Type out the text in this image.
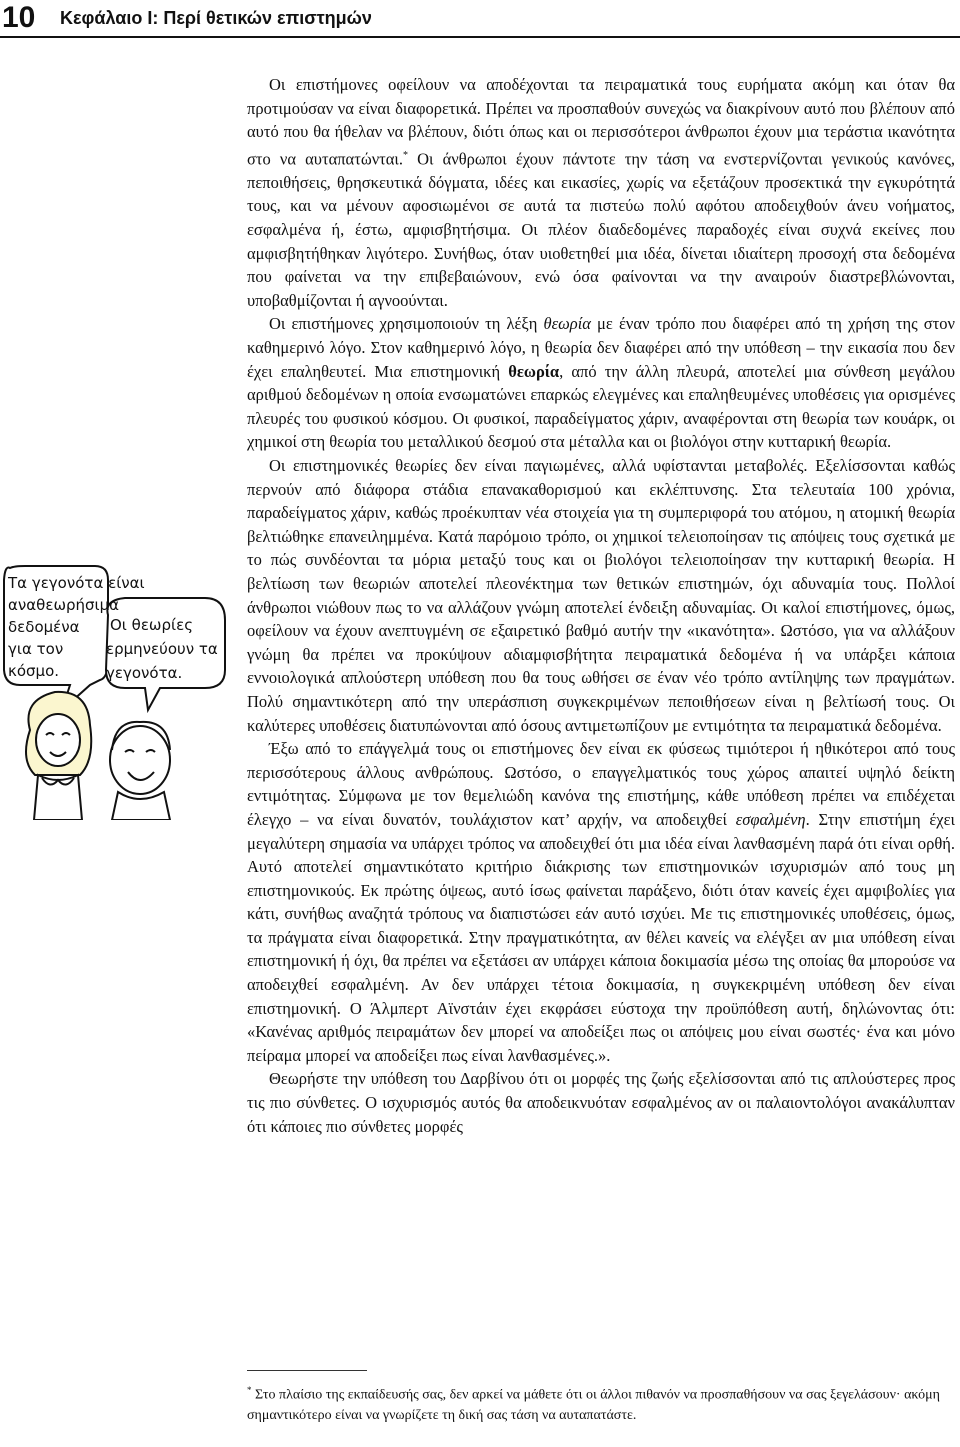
10 Κεφάλαιο Ι: Περί θετικών επιστημών
Τα γεγονότα είναι αναθεωρήσιμα δεδομένα για τον κόσμο.
Οι θεωρίες ερμηνεύουν τα γεγονότα.

Οι επιστήμονες οφείλουν να αποδέχονται τα πειραματικά τους ευρήματα ακόμη και όταν θα προτιμούσαν να είναι διαφορετικά. Πρέπει να προσπαθούν συνεχώς να διακρίνουν αυτό που βλέπουν από αυτό που θα ήθελαν να βλέπουν, διότι όπως και οι περισσότεροι άνθρωποι έχουν μια τεράστια ικανότητα στο να αυταπατώνται.* Οι άνθρωποι έχουν πάντοτε την τάση να ενστερνίζονται γενικούς κανόνες, πεποιθήσεις, θρησκευτικά δόγματα, ιδέες και εικασίες, χωρίς να εξετάζουν προσεκτικά την εγκυρότητά τους, και να μένουν αφοσιωμένοι σε αυτά τα πιστεύω πολύ αφότου αποδειχθούν άνευ νοήματος, εσφαλμένα ή, έστω, αμφισβητήσιμα. Οι πλέον διαδεδομένες παραδοχές είναι συχνά εκείνες που αμφισβητήθηκαν λιγότερο. Συνήθως, όταν υιοθετηθεί μια ιδέα, δίνεται ιδιαίτερη προσοχή στα δεδομένα που φαίνεται να την επιβεβαιώνουν, ενώ όσα φαίνονται να την αναιρούν διαστρεβλώνονται, υποβαθμίζονται ή αγνοούνται.

Οι επιστήμονες χρησιμοποιούν τη λέξη θεωρία με έναν τρόπο που διαφέρει από τη χρήση της στον καθημερινό λόγο. Στον καθημερινό λόγο, η θεωρία δεν διαφέρει από την υπόθεση – την εικασία που δεν έχει επαληθευτεί. Μια επιστημονική θεωρία, από την άλλη πλευρά, αποτελεί μια σύνθεση μεγάλου αριθμού δεδομένων η οποία ενσωματώνει επαρκώς ελεγμένες και επαληθευμένες υποθέσεις για ορισμένες πλευρές του φυσικού κόσμου. Οι φυσικοί, παραδείγματος χάριν, αναφέρονται στη θεωρία των κουάρκ, οι χημικοί στη θεωρία του μεταλλικού δεσμού στα μέταλλα και οι βιολόγοι στην κυτταρική θεωρία.

Οι επιστημονικές θεωρίες δεν είναι παγιωμένες, αλλά υφίστανται μεταβολές. Εξελίσσονται καθώς περνούν από διάφορα στάδια επανακαθορισμού και εκλέπτυνσης. Στα τελευταία 100 χρόνια, παραδείγματος χάριν, καθώς προέκυπταν νέα στοιχεία για τη συμπεριφορά του ατόμου, η ατομική θεωρία βελτιώθηκε επανειλημμένα. Κατά παρόμοιο τρόπο, οι χημικοί τελειοποίησαν τις απόψεις τους σχετικά με το πώς συνδέονται τα μόρια μεταξύ τους και οι βιολόγοι τελειοποίησαν την κυτταρική θεωρία. Η βελτίωση των θεωριών αποτελεί πλεονέκτημα των θετικών επιστημών, όχι αδυναμία τους. Πολλοί άνθρωποι νιώθουν πως το να αλλάζουν γνώμη αποτελεί ένδειξη αδυναμίας. Οι καλοί επιστήμονες, όμως, οφείλουν να έχουν ανεπτυγμένη σε εξαιρετικό βαθμό αυτήν την «ικανότητα». Ωστόσο, για να αλλάξουν γνώμη θα πρέπει να προκύψουν αδιαμφισβήτητα πειραματικά δεδομένα ή να υπάρξει κάποια εννοιολογικά απλούστερη υπόθεση που θα τους ωθήσει σε έναν νέο τρόπο αντίληψης των πραγμάτων. Πολύ σημαντικότερη από την υπεράσπιση συγκεκριμένων πεποιθήσεων είναι η βελτίωσή τους. Οι καλύτερες υποθέσεις διατυπώνονται από όσους αντιμετωπίζουν με εντιμότητα τα πειραματικά δεδομένα.

Έξω από το επάγγελμά τους οι επιστήμονες δεν είναι εκ φύσεως τιμιότεροι ή ηθικότεροι από τους περισσότερους άλλους ανθρώπους. Ωστόσο, ο επαγγελματικός τους χώρος απαιτεί υψηλό δείκτη εντιμότητας. Σύμφωνα με τον θεμελιώδη κανόνα της επιστήμης, κάθε υπόθεση πρέπει να επιδέχεται έλεγχο – να είναι δυνατόν, τουλάχιστον κατ’ αρχήν, να αποδειχθεί εσφαλμένη. Στην επιστήμη έχει μεγαλύτερη σημασία να υπάρχει τρόπος να αποδειχθεί ότι μια ιδέα είναι λανθασμένη παρά ότι είναι ορθή. Αυτό αποτελεί σημαντικότατο κριτήριο διάκρισης των επιστημονικών ισχυρισμών από τους μη επιστημονικούς. Εκ πρώτης όψεως, αυτό ίσως φαίνεται παράξενο, διότι όταν κανείς έχει αμφιβολίες για κάτι, συνήθως αναζητά τρόπους να διαπιστώσει εάν αυτό ισχύει. Με τις επιστημονικές υποθέσεις, όμως, τα πράγματα είναι διαφορετικά. Στην πραγματικότητα, αν θέλει κανείς να ελέγξει αν μια υπόθεση είναι επιστημονική ή όχι, θα πρέπει να εξετάσει αν υπάρχει κάποια δοκιμασία μέσω της οποίας θα μπορούσε να αποδειχθεί εσφαλμένη. Αν δεν υπάρχει τέτοια δοκιμασία, η συγκεκριμένη υπόθεση δεν είναι επιστημονική. Ο Άλμπερτ Αϊνστάιν έχει εκφράσει εύστοχα την προϋπόθεση αυτή, δηλώνοντας ότι: «Κανένας αριθμός πειραμάτων δεν μπορεί να αποδείξει πως οι απόψεις μου είναι σωστές· ένα και μόνο πείραμα μπορεί να αποδείξει πως είναι λανθασμένες.».

Θεωρήστε την υπόθεση του Δαρβίνου ότι οι μορφές της ζωής εξελίσσονται από τις απλούστερες προς τις πιο σύνθετες. Ο ισχυρισμός αυτός θα αποδεικνυόταν εσφαλμένος αν οι παλαιοντολόγοι ανακάλυπταν ότι κάποιες πιο σύνθετες μορφές

* Στο πλαίσιο της εκπαίδευσής σας, δεν αρκεί να μάθετε ότι οι άλλοι πιθανόν να προσπαθήσουν να σας ξεγελάσουν· ακόμη σημαντικότερο είναι να γνωρίζετε τη δική σας τάση να αυταπατάστε.
